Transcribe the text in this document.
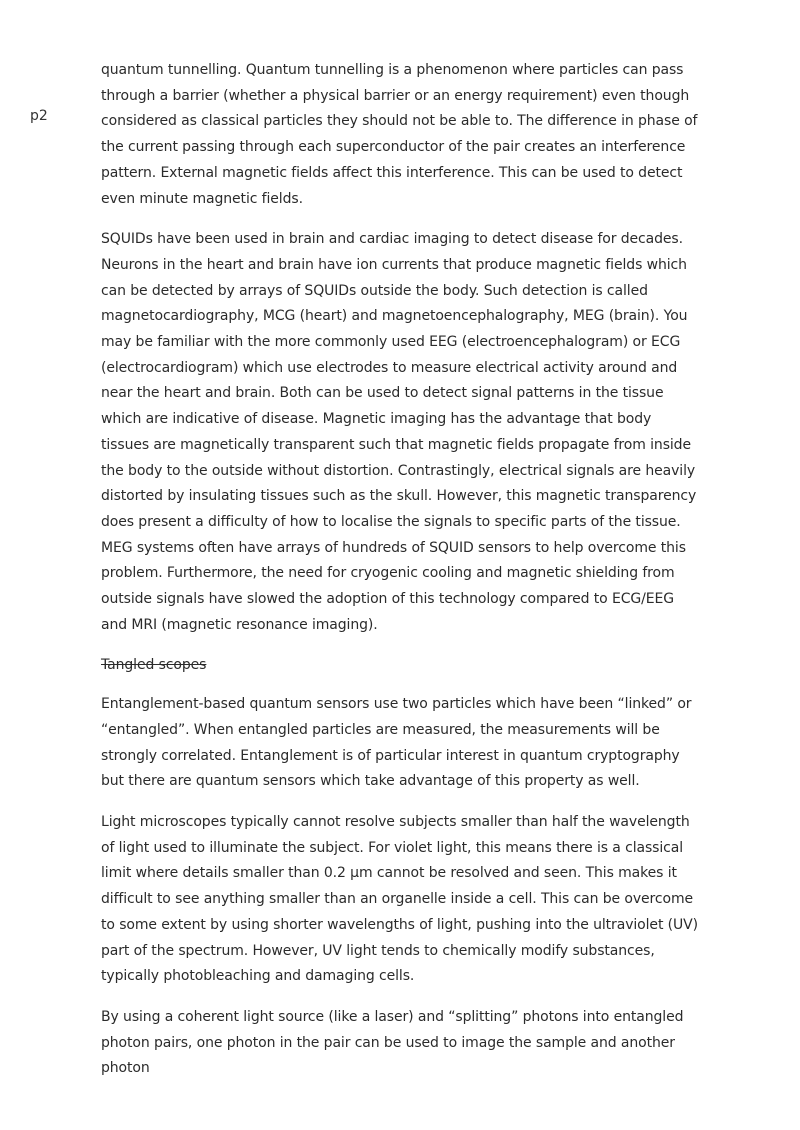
p2

quantum tunnelling. Quantum tunnelling is a phenomenon where particles can pass through a barrier (whether a physical barrier or an energy requirement) even though considered as classical particles they should not be able to. The difference in phase of the current passing through each superconductor of the pair creates an interference pattern. External magnetic fields affect this interference. This can be used to detect even minute magnetic fields.

SQUIDs have been used in brain and cardiac imaging to detect disease for decades. Neurons in the heart and brain have ion currents that produce magnetic fields which can be detected by arrays of SQUIDs outside the body. Such detection is called magnetocardiography, MCG (heart) and magnetoencephalography, MEG (brain). You may be familiar with the more commonly used EEG (electroencephalogram) or ECG (electrocardiogram) which use electrodes to measure electrical activity around and near the heart and brain. Both can be used to detect signal patterns in the tissue which are indicative of disease. Magnetic imaging has the advantage that body tissues are magnetically transparent such that magnetic fields propagate from inside the body to the outside without distortion. Contrastingly, electrical signals are heavily distorted by insulating tissues such as the skull. However, this magnetic transparency does present a difficulty of how to localise the signals to specific parts of the tissue. MEG systems often have arrays of hundreds of SQUID sensors to help overcome this problem. Furthermore, the need for cryogenic cooling and magnetic shielding from outside signals have slowed the adoption of this technology compared to ECG/EEG and MRI (magnetic resonance imaging).

Tangled scopes

Entanglement-based quantum sensors use two particles which have been “linked” or “entangled”. When entangled particles are measured, the measurements will be strongly correlated. Entanglement is of particular interest in quantum cryptography but there are quantum sensors which take advantage of this property as well.

Light microscopes typically cannot resolve subjects smaller than half the wavelength of light used to illuminate the subject. For violet light, this means there is a classical limit where details smaller than 0.2 μm cannot be resolved and seen. This makes it difficult to see anything smaller than an organelle inside a cell. This can be overcome to some extent by using shorter wavelengths of light, pushing into the ultraviolet (UV) part of the spectrum. However, UV light tends to chemically modify substances, typically photobleaching and damaging cells.

By using a coherent light source (like a laser) and “splitting” photons into entangled photon pairs, one photon in the pair can be used to image the sample and another photon
